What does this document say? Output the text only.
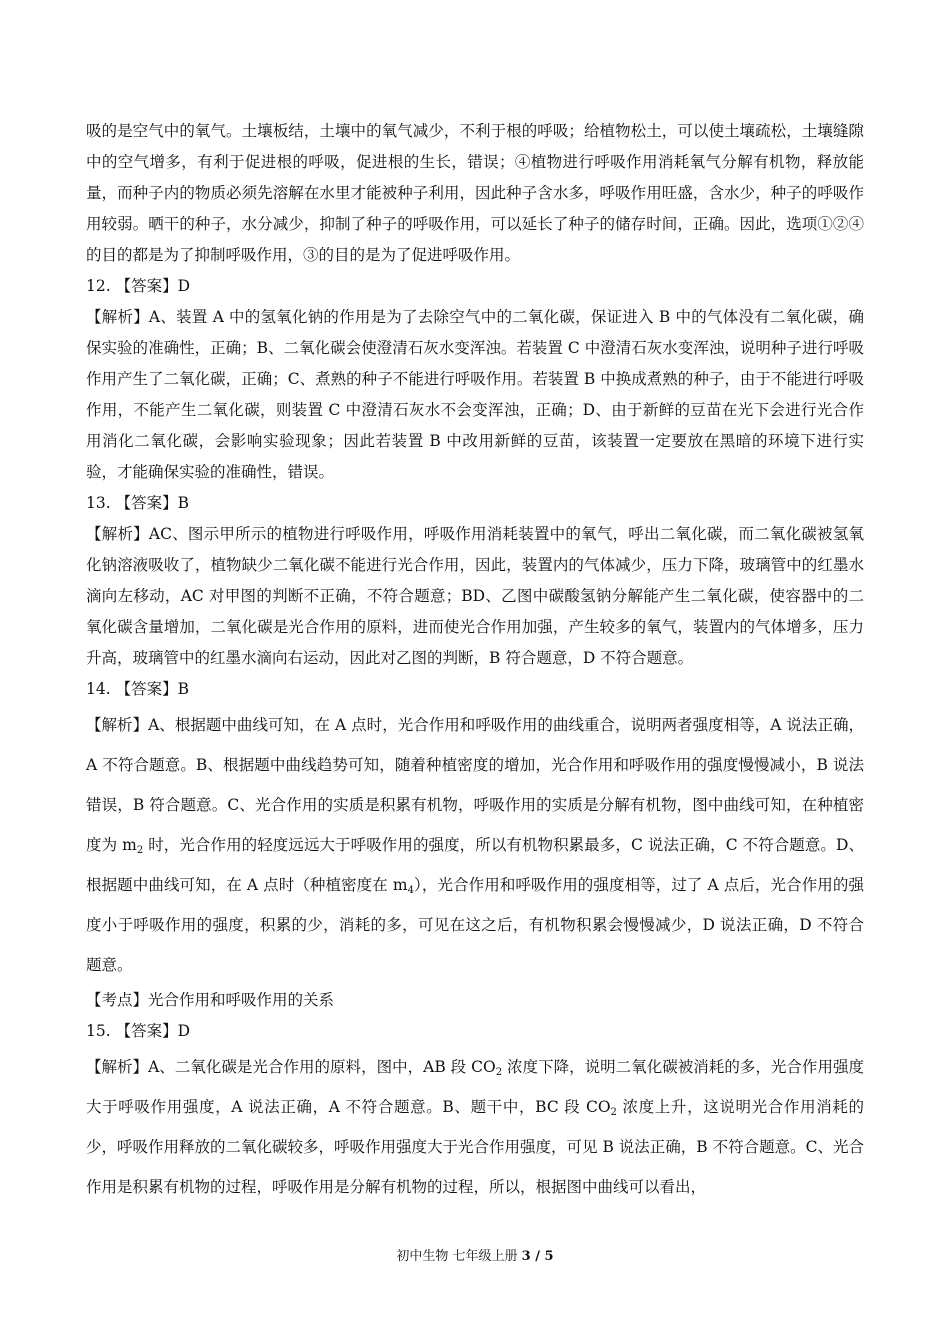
吸的是空气中的氧气。土壤板结，土壤中的氧气减少，不利于根的呼吸；给植物松土，可以使土壤疏松，土壤缝隙中的空气增多，有利于促进根的呼吸，促进根的生长，错误；④植物进行呼吸作用消耗氧气分解有机物，释放能量，而种子内的物质必须先溶解在水里才能被种子利用，因此种子含水多，呼吸作用旺盛，含水少，种子的呼吸作用较弱。晒干的种子，水分减少，抑制了种子的呼吸作用，可以延长了种子的储存时间，正确。因此，选项①②④的目的都是为了抑制呼吸作用，③的目的是为了促进呼吸作用。

12. 【答案】D

【解析】A、装置 A 中的氢氧化钠的作用是为了去除空气中的二氧化碳，保证进入 B 中的气体没有二氧化碳，确保实验的准确性，正确；B、二氧化碳会使澄清石灰水变浑浊。若装置 C 中澄清石灰水变浑浊，说明种子进行呼吸作用产生了二氧化碳，正确；C、煮熟的种子不能进行呼吸作用。若装置 B 中换成煮熟的种子，由于不能进行呼吸作用，不能产生二氧化碳，则装置 C 中澄清石灰水不会变浑浊，正确；D、由于新鲜的豆苗在光下会进行光合作用消化二氧化碳，会影响实验现象；因此若装置 B 中改用新鲜的豆苗，该装置一定要放在黑暗的环境下进行实验，才能确保实验的准确性，错误。

13. 【答案】B

【解析】AC、图示甲所示的植物进行呼吸作用，呼吸作用消耗装置中的氧气，呼出二氧化碳，而二氧化碳被氢氧化钠溶液吸收了，植物缺少二氧化碳不能进行光合作用，因此，装置内的气体减少，压力下降，玻璃管中的红墨水滴向左移动，AC 对甲图的判断不正确，不符合题意；BD、乙图中碳酸氢钠分解能产生二氧化碳，使容器中的二氧化碳含量增加，二氧化碳是光合作用的原料，进而使光合作用加强，产生较多的氧气，装置内的气体增多，压力升高，玻璃管中的红墨水滴向右运动，因此对乙图的判断，B 符合题意，D 不符合题意。

14. 【答案】B

【解析】A、根据题中曲线可知，在 A 点时，光合作用和呼吸作用的曲线重合，说明两者强度相等，A 说法正确，A 不符合题意。B、根据题中曲线趋势可知，随着种植密度的增加，光合作用和呼吸作用的强度慢慢减小，B 说法错误，B 符合题意。C、光合作用的实质是积累有机物，呼吸作用的实质是分解有机物，图中曲线可知，在种植密度为 $m_2$ 时，光合作用的轻度远远大于呼吸作用的强度，所以有机物积累最多，C 说法正确，C 不符合题意。D、根据题中曲线可知，在 A 点时（种植密度在 $m_4$），光合作用和呼吸作用的强度相等，过了 A 点后，光合作用的强度小于呼吸作用的强度，积累的少，消耗的多，可见在这之后，有机物积累会慢慢减少，D 说法正确，D 不符合题意。

【考点】光合作用和呼吸作用的关系

15. 【答案】D

【解析】A、二氧化碳是光合作用的原料，图中，AB 段 $CO_2$ 浓度下降，说明二氧化碳被消耗的多，光合作用强度大于呼吸作用强度，A 说法正确，A 不符合题意。B、题干中，BC 段 $CO_2$ 浓度上升，这说明光合作用消耗的少，呼吸作用释放的二氧化碳较多，呼吸作用强度大于光合作用强度，可见 B 说法正确，B 不符合题意。C、光合作用是积累有机物的过程，呼吸作用是分解有机物的过程，所以，根据图中曲线可以看出，

初中生物 七年级上册 3 / 5
